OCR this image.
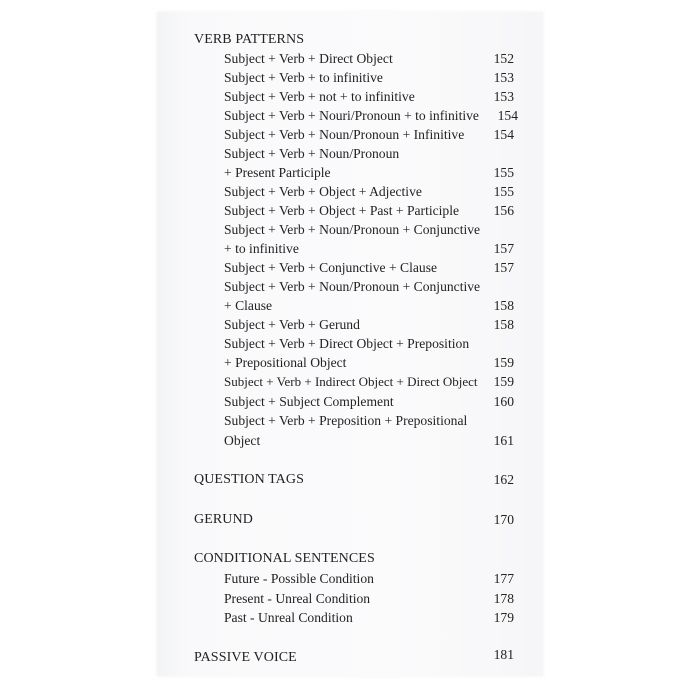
VERB PATTERNS
Subject + Verb + Direct Object	152
Subject + Verb + to infinitive	153
Subject + Verb + not + to infinitive	153
Subject + Verb + Nouri/Pronoun + to infinitive	154
Subject + Verb + Noun/Pronoun + Infinitive	154
Subject + Verb + Noun/Pronoun
+ Present Participle	155
Subject + Verb + Object + Adjective	155
Subject + Verb + Object + Past + Participle	156
Subject + Verb + Noun/Pronoun + Conjunctive
+ to infinitive	157
Subject + Verb + Conjunctive + Clause	157
Subject + Verb + Noun/Pronoun + Conjunctive
+ Clause	158
Subject + Verb + Gerund	158
Subject + Verb + Direct Object + Preposition
+ Prepositional Object	159
Subject + Verb + Indirect Object + Direct Object	159
Subject + Subject Complement	160
Subject + Verb + Preposition + Prepositional
Object	161
QUESTION TAGS	162
GERUND	170
CONDITIONAL SENTENCES
Future - Possible Condition	177
Present - Unreal Condition	178
Past - Unreal Condition	179
PASSIVE VOICE	181
